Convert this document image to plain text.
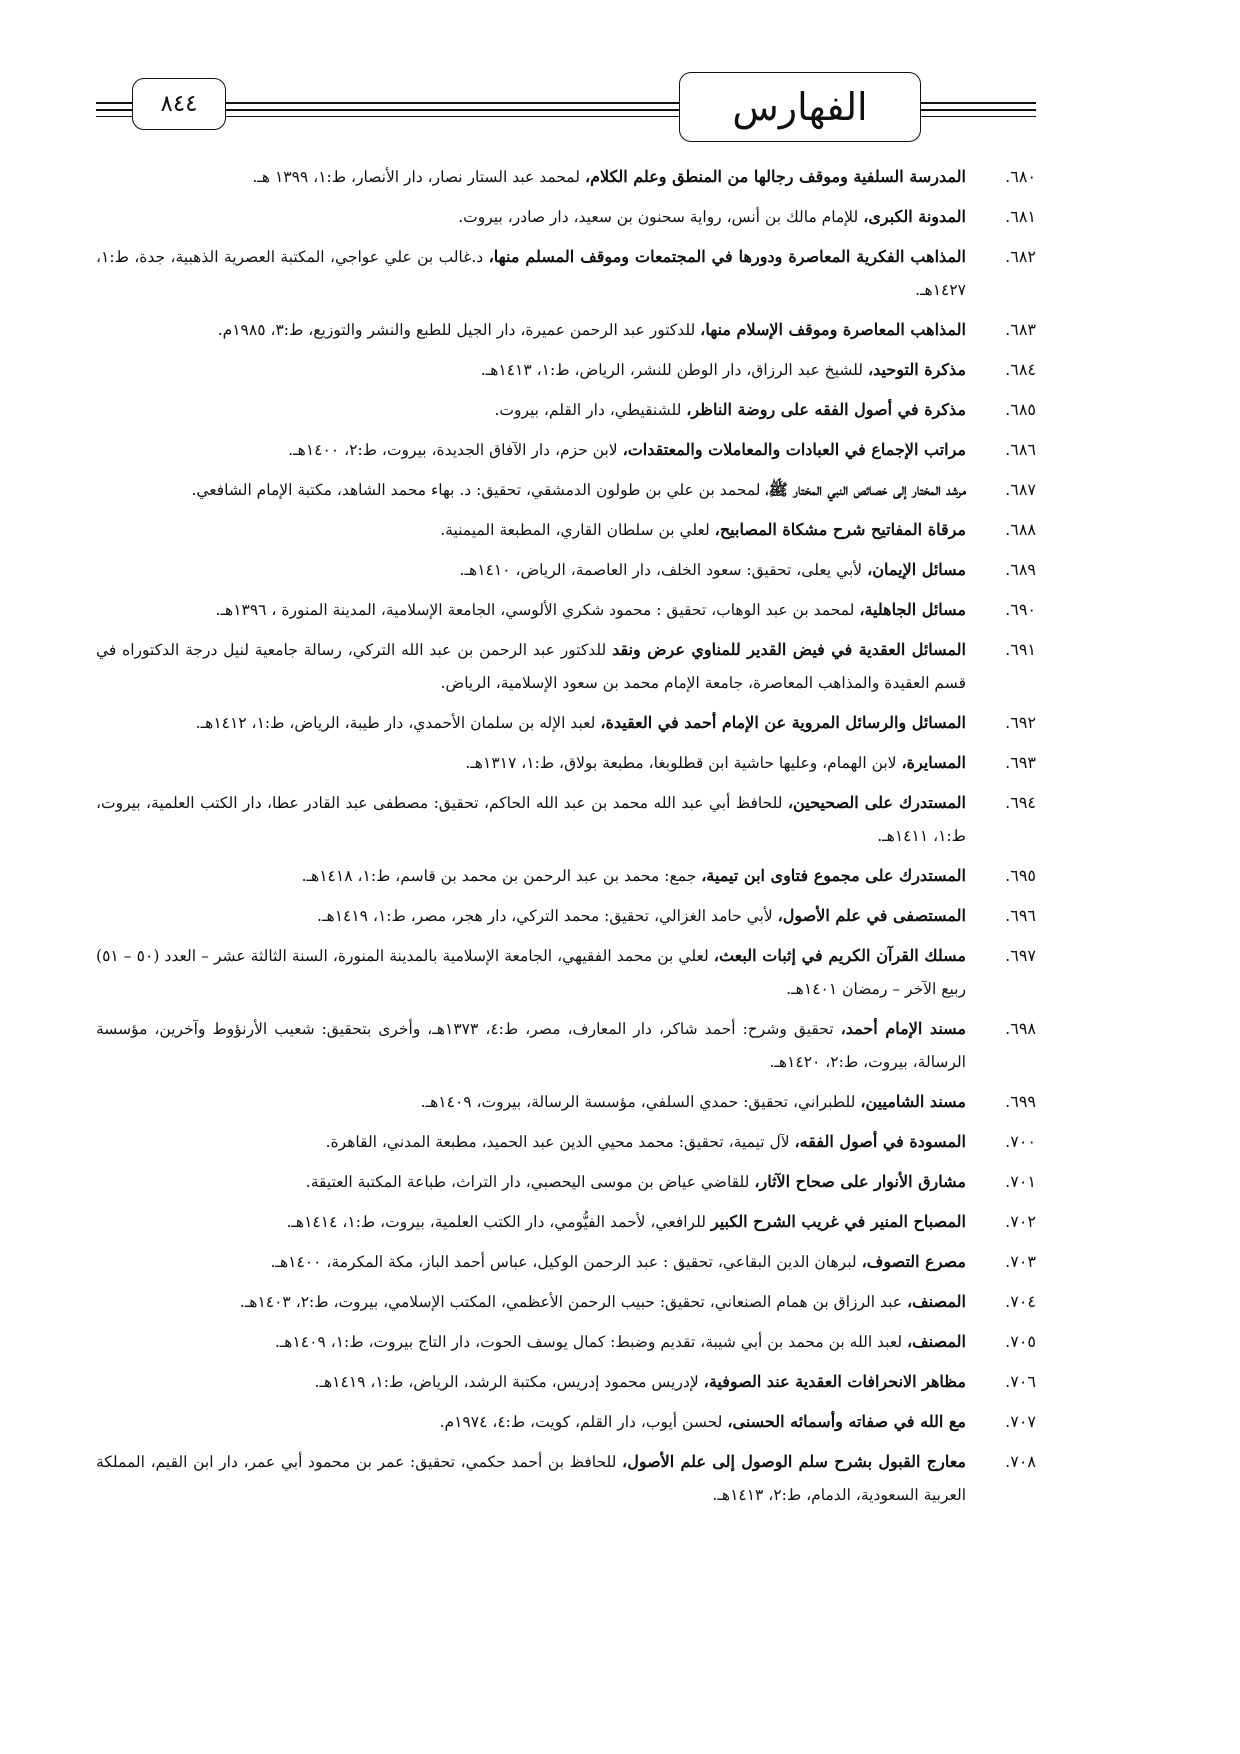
٨٤٤	الفهارس
٦٨٠.
المدرسة السلفية وموقف رجالها من المنطق وعلم الكلام، لمحمد عبد الستار نصار، دار الأنصار، ط:١، ١٣٩٩ هـ.
٦٨١.
المدونة الكبرى، للإمام مالك بن أنس، رواية سحنون بن سعيد، دار صادر، بيروت.
٦٨٢.
المذاهب الفكرية المعاصرة ودورها في المجتمعات وموقف المسلم منها، د.غالب بن علي عواجي، المكتبة العصرية الذهبية، جدة، ط:١، ١٤٢٧هـ.
٦٨٣.
المذاهب المعاصرة وموقف الإسلام منها، للدكتور عبد الرحمن عميرة، دار الجيل للطبع والنشر والتوزيع، ط:٣، ١٩٨٥م.
٦٨٤.
مذكرة التوحيد، للشيخ عبد الرزاق، دار الوطن للنشر، الرياض، ط:١، ١٤١٣هـ.
٦٨٥.
مذكرة في أصول الفقه على روضة الناظر، للشنقيطي، دار القلم، بيروت.
٦٨٦.
مراتب الإجماع في العبادات والمعاملات والمعتقدات، لابن حزم، دار الآفاق الجديدة، بيروت، ط:٢، ١٤٠٠هـ.
٦٨٧.
مرشد المختار إلى خصائص النبي المختار ﷺ، لمحمد بن علي بن طولون الدمشقي، تحقيق: د. بهاء محمد الشاهد، مكتبة الإمام الشافعي.
٦٨٨.
مرقاة المفاتيح شرح مشكاة المصابيح، لعلي بن سلطان القاري، المطبعة الميمنية.
٦٨٩.
مسائل الإيمان، لأبي يعلى، تحقيق: سعود الخلف، دار العاصمة، الرياض، ١٤١٠هـ.
٦٩٠.
مسائل الجاهلية، لمحمد بن عبد الوهاب، تحقيق : محمود شكري الألوسي، الجامعة الإسلامية، المدينة المنورة ، ١٣٩٦هـ.
٦٩١.
المسائل العقدية في فيض القدير للمناوي عرض ونقد للدكتور عبد الرحمن بن عبد الله التركي، رسالة جامعية لنيل درجة الدكتوراه في قسم العقيدة والمذاهب المعاصرة، جامعة الإمام محمد بن سعود الإسلامية، الرياض.
٦٩٢.
المسائل والرسائل المروية عن الإمام أحمد في العقيدة، لعبد الإله بن سلمان الأحمدي، دار طيبة، الرياض، ط:١، ١٤١٢هـ.
٦٩٣.
المسايرة، لابن الهمام، وعليها حاشية ابن قطلوبغا، مطبعة بولاق، ط:١، ١٣١٧هـ.
٦٩٤.
المستدرك على الصحيحين، للحافظ أبي عبد الله محمد بن عبد الله الحاكم، تحقيق: مصطفى عبد القادر عطا، دار الكتب العلمية، بيروت، ط:١، ١٤١١هـ.
٦٩٥.
المستدرك على مجموع فتاوى ابن تيمية، جمع: محمد بن عبد الرحمن بن محمد بن قاسم، ط:١، ١٤١٨هـ.
٦٩٦.
المستصفى في علم الأصول، لأبي حامد الغزالي، تحقيق: محمد التركي، دار هجر، مصر، ط:١، ١٤١٩هـ.
٦٩٧.
مسلك القرآن الكريم في إثبات البعث، لعلي بن محمد الفقيهي، الجامعة الإسلامية بالمدينة المنورة، السنة الثالثة عشر – العدد (٥٠ – ٥١) ربيع الآخر – رمضان ١٤٠١هـ.
٦٩٨.
مسند الإمام أحمد، تحقيق وشرح: أحمد شاكر، دار المعارف، مصر، ط:٤، ١٣٧٣هـ، وأخرى بتحقيق: شعيب الأرنؤوط وآخرين، مؤسسة الرسالة، بيروت، ط:٢، ١٤٢٠هـ.
٦٩٩.
مسند الشاميين، للطبراني، تحقيق: حمدي السلفي، مؤسسة الرسالة، بيروت، ١٤٠٩هـ.
٧٠٠.
المسودة في أصول الفقه، لآل تيمية، تحقيق: محمد محيي الدين عبد الحميد، مطبعة المدني، القاهرة.
٧٠١.
مشارق الأنوار على صحاح الآثار، للقاضي عياض بن موسى اليحصبي، دار التراث، طباعة المكتبة العتيقة.
٧٠٢.
المصباح المنير في غريب الشرح الكبير للرافعي، لأحمد الفيُّومي، دار الكتب العلمية، بيروت، ط:١، ١٤١٤هـ.
٧٠٣.
مصرع التصوف، لبرهان الدين البقاعي، تحقيق : عبد الرحمن الوكيل، عباس أحمد الباز، مكة المكرمة، ١٤٠٠هـ.
٧٠٤.
المصنف، عبد الرزاق بن همام الصنعاني، تحقيق: حبيب الرحمن الأعظمي، المكتب الإسلامي، بيروت، ط:٢، ١٤٠٣هـ.
٧٠٥.
المصنف، لعبد الله بن محمد بن أبي شيبة، تقديم وضبط: كمال يوسف الحوت، دار التاج بيروت، ط:١، ١٤٠٩هـ.
٧٠٦.
مظاهر الانحرافات العقدية عند الصوفية، لإدريس محمود إدريس، مكتبة الرشد، الرياض، ط:١، ١٤١٩هـ.
٧٠٧.
مع الله في صفاته وأسمائه الحسنى، لحسن أيوب، دار القلم، كويت، ط:٤، ١٩٧٤م.
٧٠٨.
معارج القبول بشرح سلم الوصول إلى علم الأصول، للحافظ بن أحمد حكمي، تحقيق: عمر بن محمود أبي عمر، دار ابن القيم، المملكة العربية السعودية، الدمام، ط:٢، ١٤١٣هـ.
